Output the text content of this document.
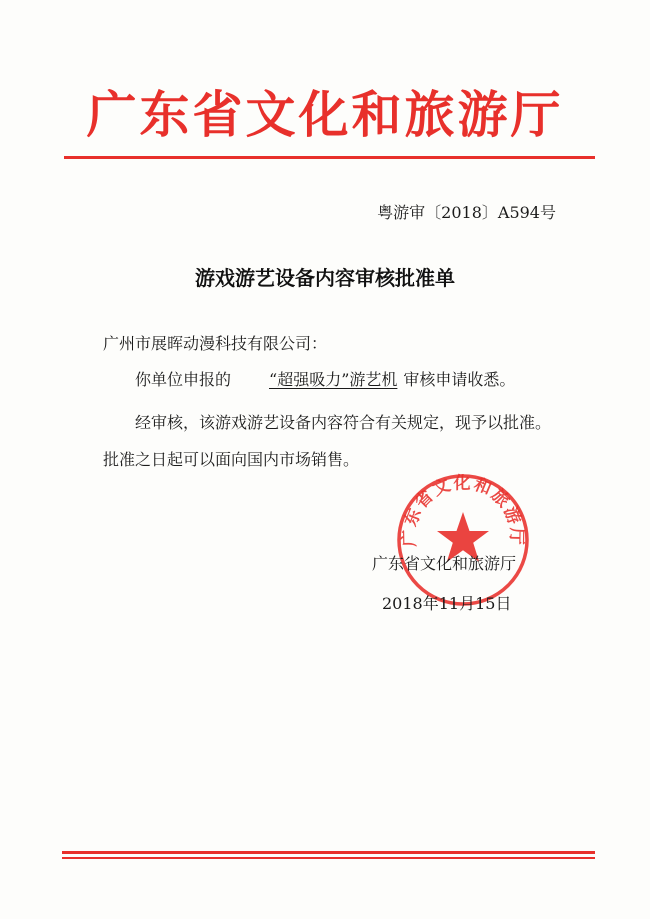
广东省文化和旅游厅
粤游审〔2018〕A594号
游戏游艺设备内容审核批准单
广州市展晖动漫科技有限公司：
你单位申报的 “超强吸力”游艺机 审核申请收悉。
经审核，该游戏游艺设备内容符合有关规定，现予以批准。批准之日起可以面向国内市场销售。
广东省文化和旅游厅
广东省文化和旅游厅
2018年11月15日
